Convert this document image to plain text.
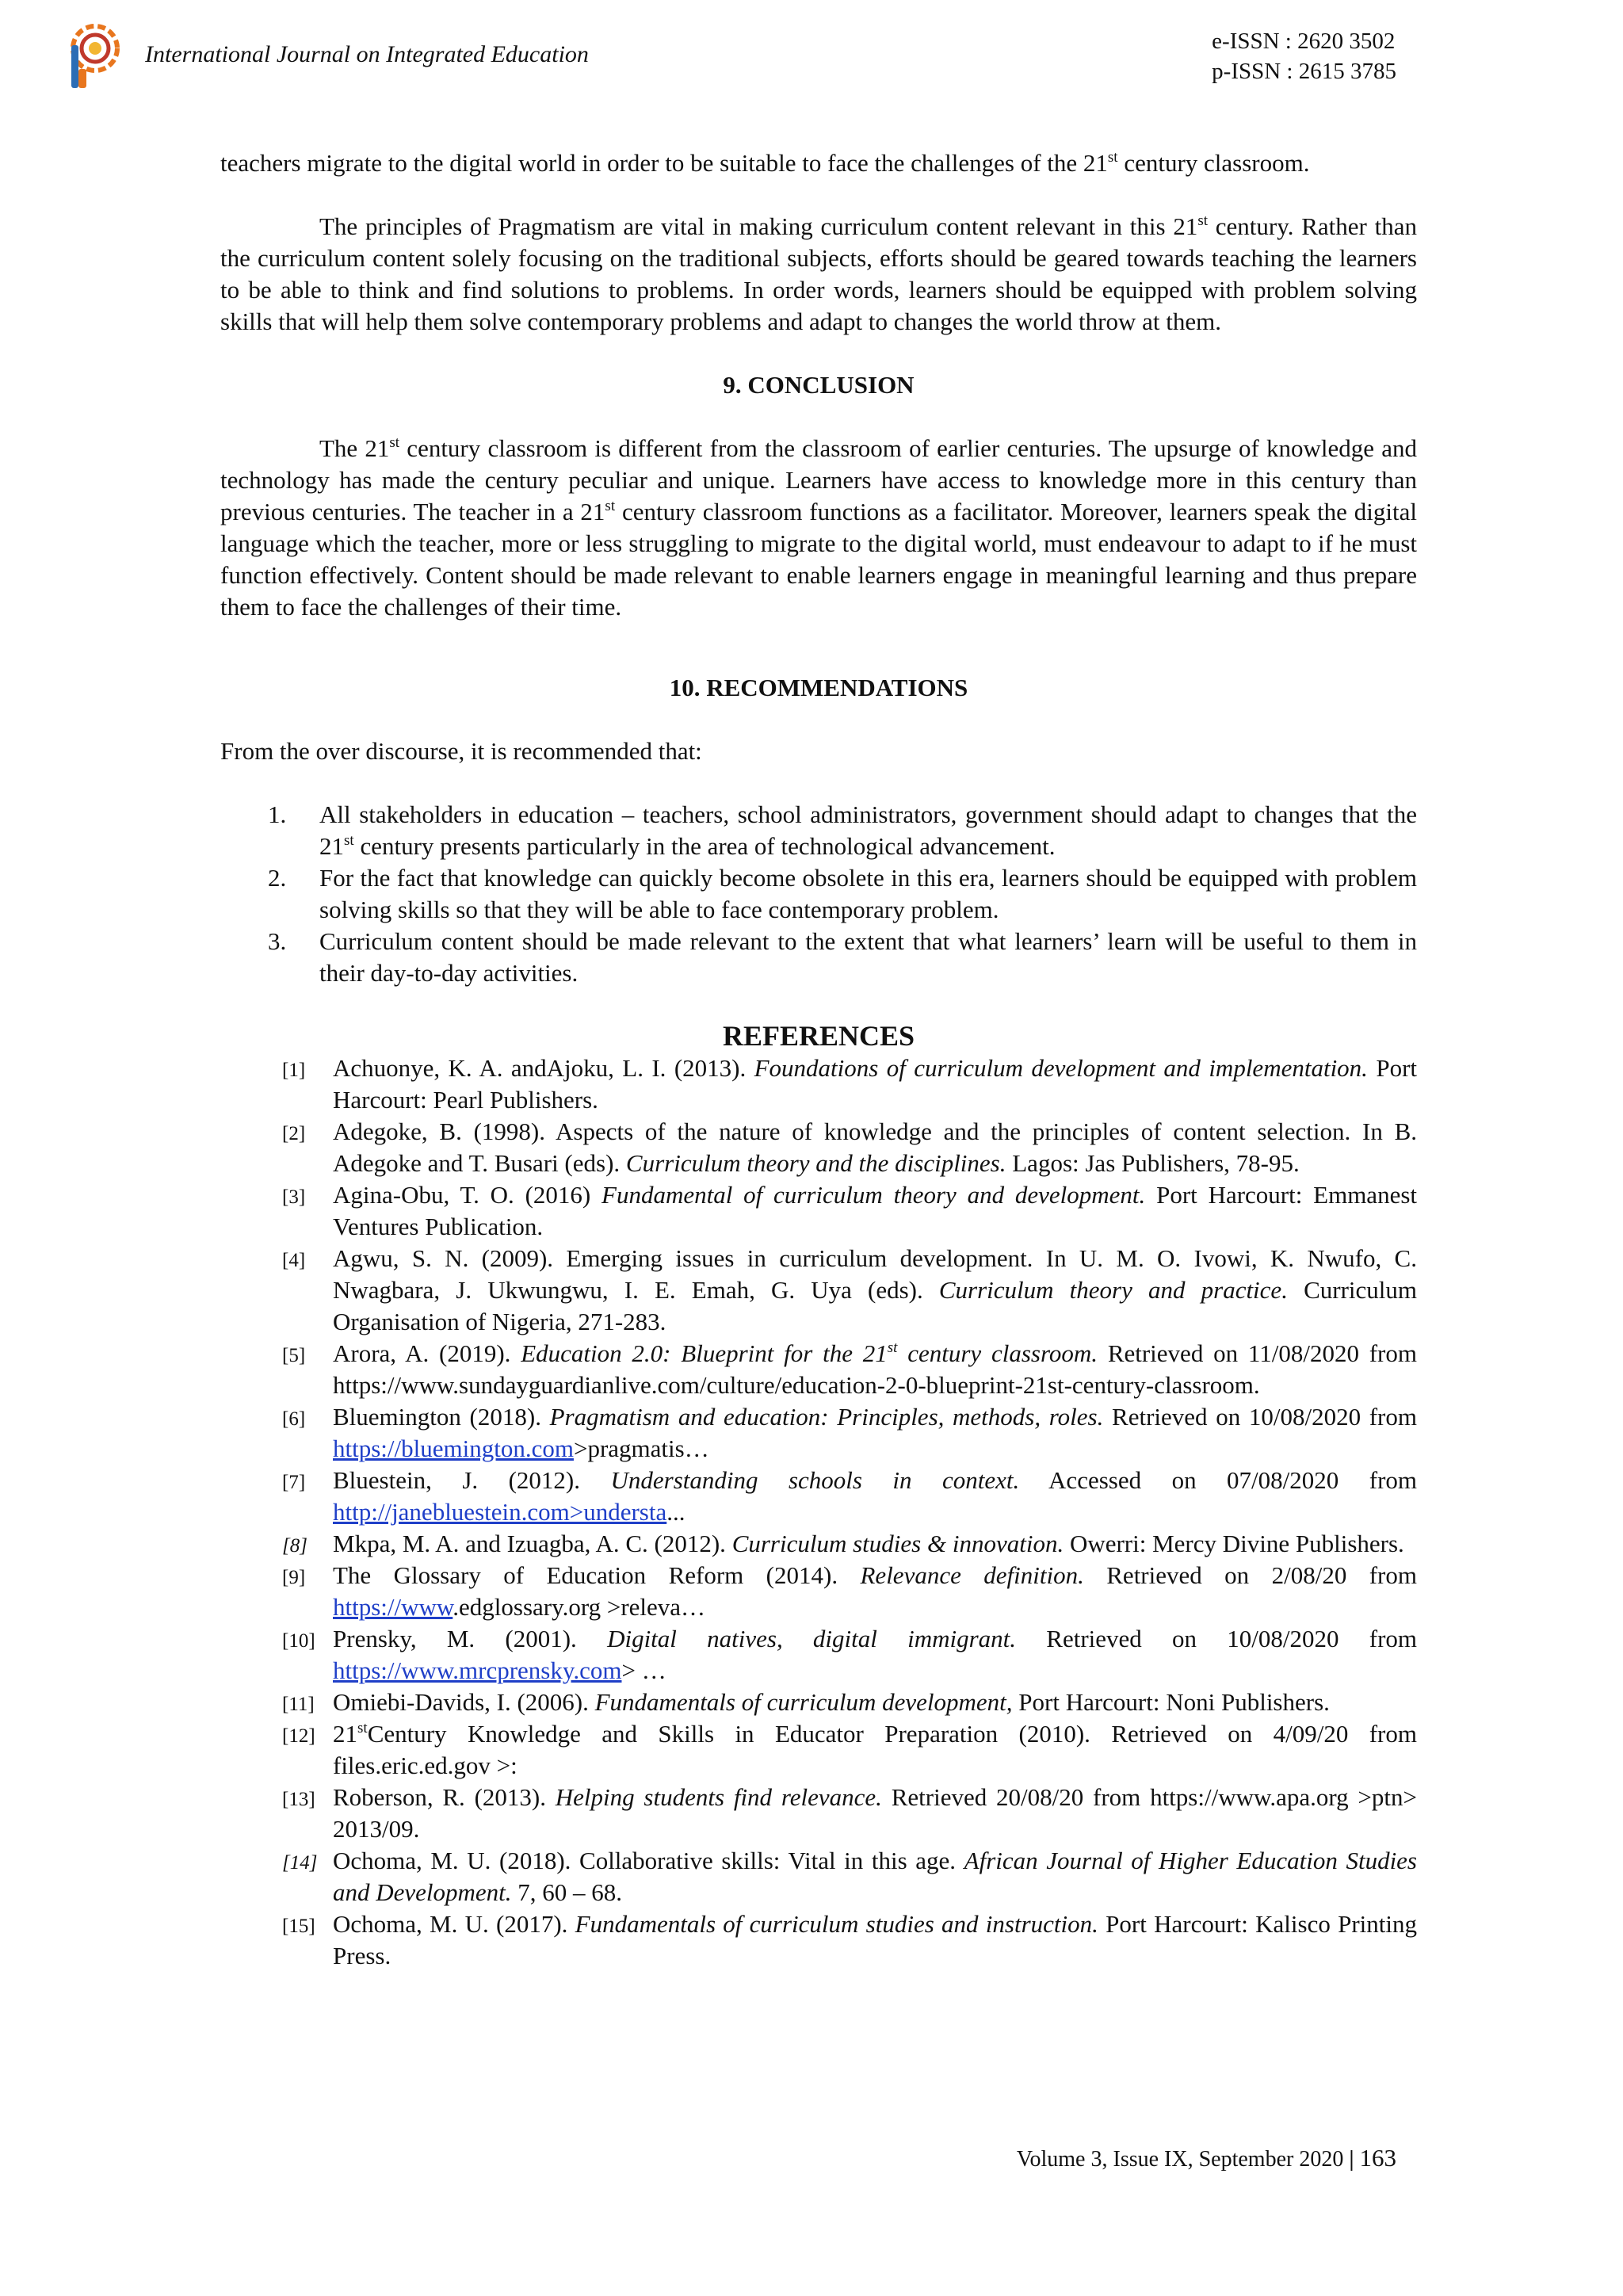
International Journal on Integrated Education	e-ISSN : 2620 3502
p-ISSN : 2615 3785

teachers migrate to the digital world in order to be suitable to face the challenges of the 21st century classroom.

The principles of Pragmatism are vital in making curriculum content relevant in this 21st century. Rather than the curriculum content solely focusing on the traditional subjects, efforts should be geared towards teaching the learners to be able to think and find solutions to problems. In order words, learners should be equipped with problem solving skills that will help them solve contemporary problems and adapt to changes the world throw at them.

9. CONCLUSION

The 21st century classroom is different from the classroom of earlier centuries. The upsurge of knowledge and technology has made the century peculiar and unique. Learners have access to knowledge more in this century than previous centuries. The teacher in a 21st century classroom functions as a facilitator. Moreover, learners speak the digital language which the teacher, more or less struggling to migrate to the digital world, must endeavour to adapt to if he must function effectively. Content should be made relevant to enable learners engage in meaningful learning and thus prepare them to face the challenges of their time.

10. RECOMMENDATIONS

From the over discourse, it is recommended that:

1. All stakeholders in education – teachers, school administrators, government should adapt to changes that the 21st century presents particularly in the area of technological advancement.
2. For the fact that knowledge can quickly become obsolete in this era, learners should be equipped with problem solving skills so that they will be able to face contemporary problem.
3. Curriculum content should be made relevant to the extent that what learners’ learn will be useful to them in their day-to-day activities.

REFERENCES

[1] Achuonye, K. A. andAjoku, L. I. (2013). Foundations of curriculum development and implementation. Port Harcourt: Pearl Publishers.
[2] Adegoke, B. (1998). Aspects of the nature of knowledge and the principles of content selection. In B. Adegoke and T. Busari (eds). Curriculum theory and the disciplines. Lagos: Jas Publishers, 78-95.
[3] Agina-Obu, T. O. (2016) Fundamental of curriculum theory and development. Port Harcourt: Emmanest Ventures Publication.
[4] Agwu, S. N. (2009). Emerging issues in curriculum development. In U. M. O. Ivowi, K. Nwufo, C. Nwagbara, J. Ukwungwu, I. E. Emah, G. Uya (eds). Curriculum theory and practice. Curriculum Organisation of Nigeria, 271-283.
[5] Arora, A. (2019). Education 2.0: Blueprint for the 21st century classroom. Retrieved on 11/08/2020 from https://www.sundayguardianlive.com/culture/education-2-0-blueprint-21st-century-classroom.
[6] Bluemington (2018). Pragmatism and education: Principles, methods, roles. Retrieved on 10/08/2020 from https://bluemington.com>pragmatis…
[7] Bluestein, J. (2012). Understanding schools in context. Accessed on 07/08/2020 from http://janebluestein.com>understa...
[8] Mkpa, M. A. and Izuagba, A. C. (2012). Curriculum studies & innovation. Owerri: Mercy Divine Publishers.
[9] The Glossary of Education Reform (2014). Relevance definition. Retrieved on 2/08/20 from https://www.edglossary.org >releva…
[10] Prensky, M. (2001). Digital natives, digital immigrant. Retrieved on 10/08/2020 from https://www.mrcprensky.com> …
[11] Omiebi-Davids, I. (2006). Fundamentals of curriculum development, Port Harcourt: Noni Publishers.
[12] 21stCentury Knowledge and Skills in Educator Preparation (2010). Retrieved on 4/09/20 from files.eric.ed.gov >:
[13] Roberson, R. (2013). Helping students find relevance. Retrieved 20/08/20 from https://www.apa.org >ptn> 2013/09.
[14] Ochoma, M. U. (2018). Collaborative skills: Vital in this age. African Journal of Higher Education Studies and Development. 7, 60 – 68.
[15] Ochoma, M. U. (2017). Fundamentals of curriculum studies and instruction. Port Harcourt: Kalisco Printing Press.
Volume 3, Issue IX, September 2020 | 163
